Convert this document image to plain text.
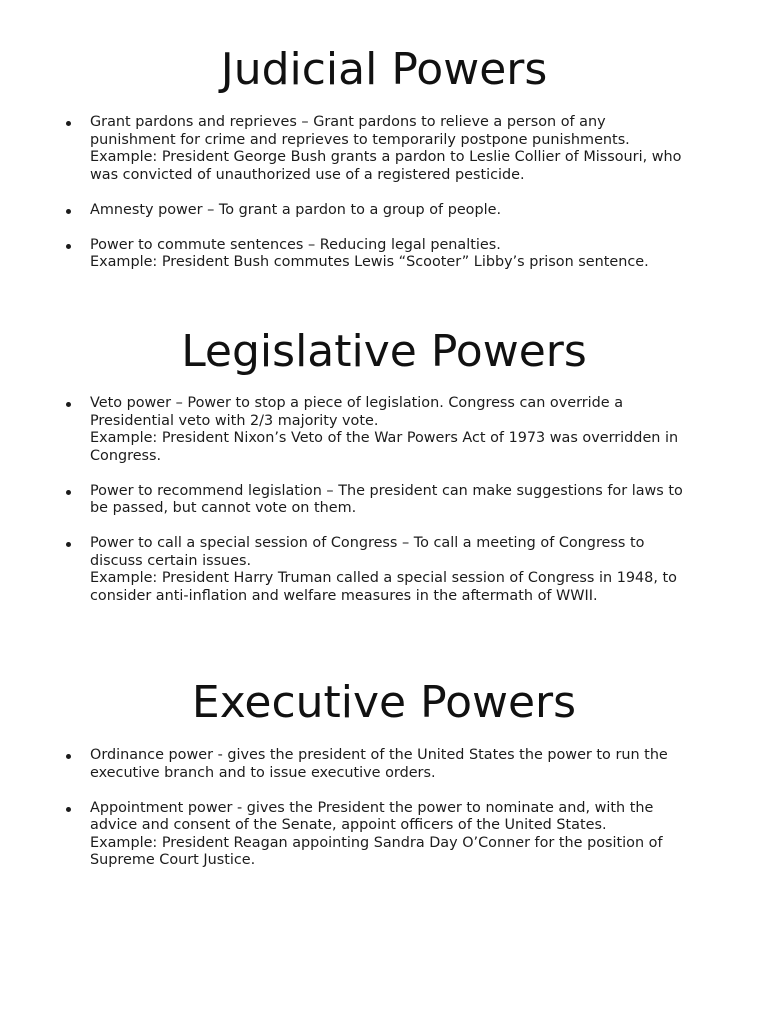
Judicial Powers
Grant pardons and reprieves – Grant pardons to relieve a person of any
punishment for crime and reprieves to temporarily postpone punishments.
Example: President George Bush grants a pardon to Leslie Collier of Missouri, who
was convicted of unauthorized use of a registered pesticide.
Amnesty power – To grant a pardon to a group of people.
Power to commute sentences – Reducing legal penalties.
Example: President Bush commutes Lewis “Scooter” Libby’s prison sentence.
Legislative Powers
Veto power – Power to stop a piece of legislation. Congress can override a
Presidential veto with 2/3 majority vote.
Example: President Nixon’s Veto of the War Powers Act of 1973 was overridden in
Congress.
Power to recommend legislation – The president can make suggestions for laws to
be passed, but cannot vote on them.
Power to call a special session of Congress – To call a meeting of Congress to
discuss certain issues.
Example: President Harry Truman called a special session of Congress in 1948, to
consider anti-inflation and welfare measures in the aftermath of WWII.
Executive Powers
Ordinance power - gives the president of the United States the power to run the
executive branch and to issue executive orders.
Appointment power - gives the President the power to nominate and, with the
advice and consent of the Senate, appoint officers of the United States.
Example: President Reagan appointing Sandra Day O’Conner for the position of
Supreme Court Justice.
